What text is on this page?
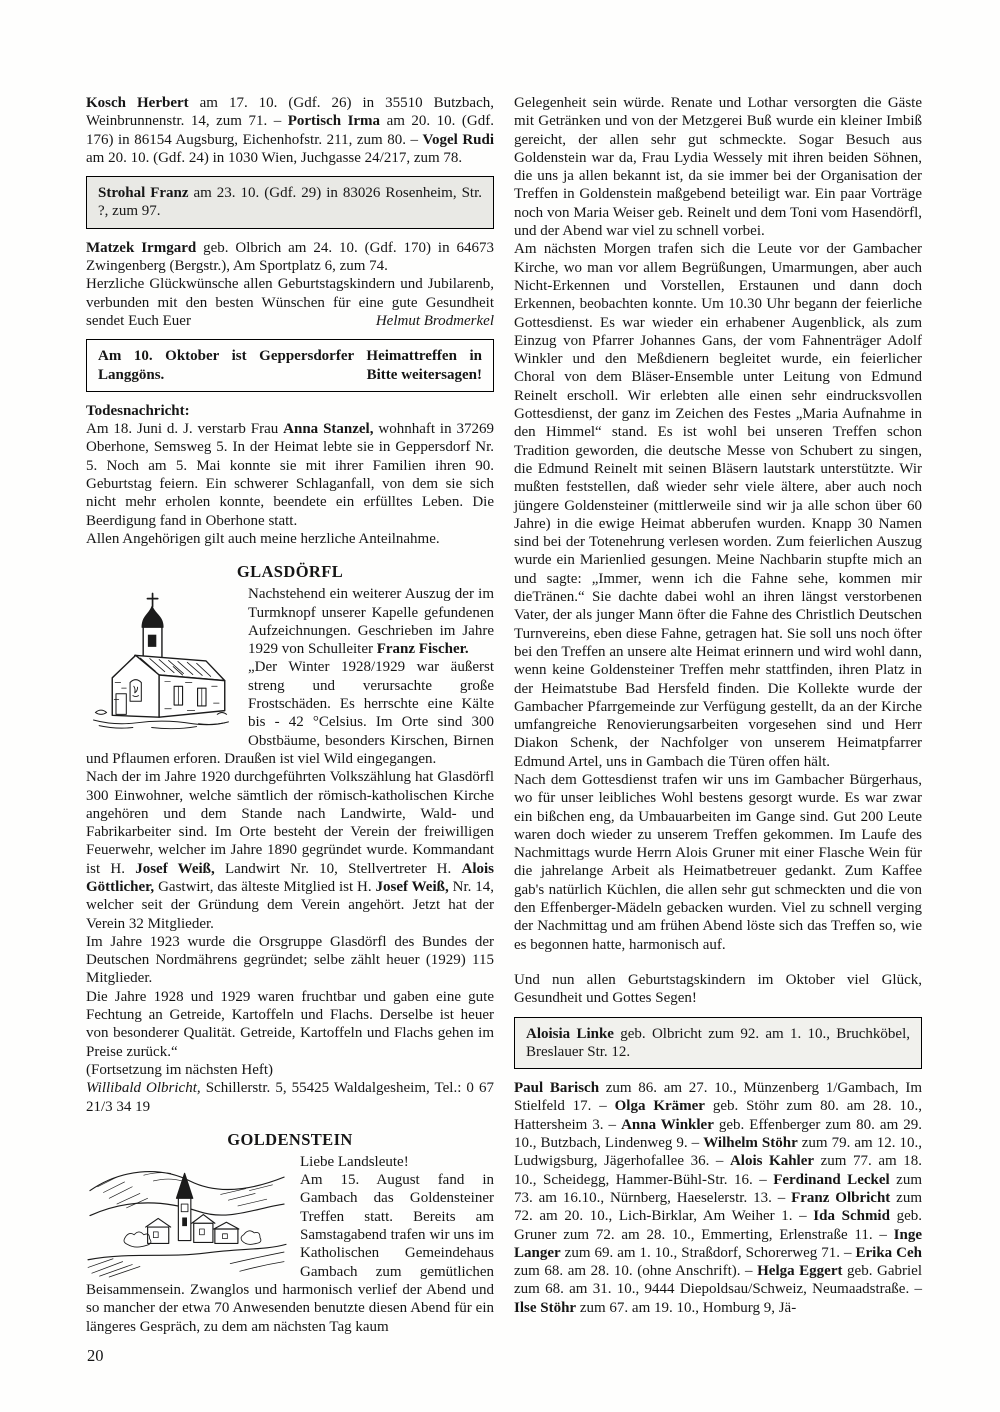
Kosch Herbert am 17. 10. (Gdf. 26) in 35510 Butzbach, Weinbrunnenstr. 14, zum 71. – Portisch Irma am 20. 10. (Gdf. 176) in 86154 Augsburg, Eichenhofstr. 211, zum 80. – Vogel Rudi am 20. 10. (Gdf. 24) in 1030 Wien, Juchgasse 24/217, zum 78.

Strohal Franz am 23. 10. (Gdf. 29) in 83026 Rosenheim, Str. ?, zum 97.

Matzek Irmgard geb. Olbrich am 24. 10. (Gdf. 170) in 64673 Zwingenberg (Bergstr.), Am Sportplatz 6, zum 74.

Herzliche Glückwünsche allen Geburtstagskindern und Jubilarenb, verbunden mit den besten Wünschen für eine gute Gesundheit sendet Euch Euer	Helmut Brodmerkel

Am 10. Oktober ist Geppersdorfer Heimattreffen in Langgöns.	Bitte weitersagen!

Todesnachricht:

Am 18. Juni d. J. verstarb Frau Anna Stanzel, wohnhaft in 37269 Oberhone, Semsweg 5. In der Heimat lebte sie in Geppersdorf Nr. 5. Noch am 5. Mai konnte sie mit ihrer Familien ihren 90. Geburtstag feiern. Ein schwerer Schlaganfall, von dem sie sich nicht mehr erholen konnte, beendete ein erfülltes Leben. Die Beerdigung fand in Oberhone statt.

Allen Angehörigen gilt auch meine herzliche Anteilnahme.

GLASDÖRFL

Nachstehend ein weiterer Auszug der im Turmknopf unserer Kapelle gefundenen Aufzeichnungen. Geschrieben im Jahre 1929 von Schulleiter Franz Fischer.

„Der Winter 1928/1929 war äußerst streng und verursachte große Frostschäden. Es herrschte eine Kälte bis - 42 °Celsius. Im Orte sind 300 Obstbäume, besonders Kirschen, Birnen und Pflaumen erforen. Draußen ist viel Wild eingegangen.

Nach der im Jahre 1920 durchgeführten Volkszählung hat Glasdörfl 300 Einwohner, welche sämtlich der römisch-katholischen Kirche angehören und dem Stande nach Landwirte, Wald- und Fabrikarbeiter sind. Im Orte besteht der Verein der freiwilligen Feuerwehr, welcher im Jahre 1890 gegründet wurde. Kommandant ist H. Josef Weiß, Landwirt Nr. 10, Stellvertreter H. Alois Göttlicher, Gastwirt, das älteste Mitglied ist H. Josef Weiß, Nr. 14, welcher seit der Gründung dem Verein angehört. Jetzt hat der Verein 32 Mitglieder.

Im Jahre 1923 wurde die Orsgruppe Glasdörfl des Bundes der Deutschen Nordmährens gegründet; selbe zählt heuer (1929) 115 Mitglieder.

Die Jahre 1928 und 1929 waren fruchtbar und gaben eine gute Fechtung an Getreide, Kartoffeln und Flachs. Derselbe ist heuer von besonderer Qualität. Getreide, Kartoffeln und Flachs gehen im Preise zurück.“

(Fortsetzung im nächsten Heft)

Willibald Olbricht, Schillerstr. 5, 55425 Waldalgesheim, Tel.: 0 67 21/3 34 19

GOLDENSTEIN

Liebe Landsleute!

Am 15. August fand in Gambach das Goldensteiner Treffen statt. Bereits am Samstagabend trafen wir uns im Katholischen Gemeindehaus Gambach zum gemütlichen Beisammensein. Zwanglos und harmonisch verlief der Abend und so mancher der etwa 70 Anwesenden benutzte diesen Abend für ein längeres Gespräch, zu dem am nächsten Tag kaum

Gelegenheit sein würde. Renate und Lothar versorgten die Gäste mit Getränken und von der Metzgerei Buß wurde ein kleiner Imbiß gereicht, der allen sehr gut schmeckte. Sogar Besuch aus Goldenstein war da, Frau Lydia Wessely mit ihren beiden Söhnen, die uns ja allen bekannt ist, da sie immer bei der Organisation der Treffen in Goldenstein maßgebend beteiligt war. Ein paar Vorträge noch von Maria Weiser geb. Reinelt und dem Toni vom Hasendörfl, und der Abend war viel zu schnell vorbei.

Am nächsten Morgen trafen sich die Leute vor der Gambacher Kirche, wo man vor allem Begrüßungen, Umarmungen, aber auch Nicht-Erkennen und Vorstellen, Erstaunen und dann doch Erkennen, beobachten konnte. Um 10.30 Uhr begann der feierliche Gottesdienst. Es war wieder ein erhabener Augenblick, als zum Einzug von Pfarrer Johannes Gans, der vom Fahnenträger Adolf Winkler und den Meßdienern begleitet wurde, ein feierlicher Choral von dem Bläser-Ensemble unter Leitung von Edmund Reinelt erscholl. Wir erlebten alle einen sehr eindrucksvollen Gottesdienst, der ganz im Zeichen des Festes „Maria Aufnahme in den Himmel“ stand. Es ist wohl bei unseren Treffen schon Tradition geworden, die deutsche Messe von Schubert zu singen, die Edmund Reinelt mit seinen Bläsern lautstark unterstützte. Wir mußten feststellen, daß wieder sehr viele ältere, aber auch noch jüngere Goldensteiner (mittlerweile sind wir ja alle schon über 60 Jahre) in die ewige Heimat abberufen wurden. Knapp 30 Namen sind bei der Totenehrung verlesen worden. Zum feierlichen Auszug wurde ein Marienlied gesungen. Meine Nachbarin stupfte mich an und sagte: „Immer, wenn ich die Fahne sehe, kommen mir dieTränen.“ Sie dachte dabei wohl an ihren längst verstorbenen Vater, der als junger Mann öfter die Fahne des Christlich Deutschen Turnvereins, eben diese Fahne, getragen hat. Sie soll uns noch öfter bei den Treffen an unsere alte Heimat erinnern und wird wohl dann, wenn keine Goldensteiner Treffen mehr stattfinden, ihren Platz in der Heimatstube Bad Hersfeld finden. Die Kollekte wurde der Gambacher Pfarrgemeinde zur Verfügung gestellt, da an der Kirche umfangreiche Renovierungsarbeiten vorgesehen sind und Herr Diakon Schenk, der Nachfolger von unserem Heimatpfarrer Edmund Artel, uns in Gambach die Türen offen hält.

Nach dem Gottesdienst trafen wir uns im Gambacher Bürgerhaus, wo für unser leibliches Wohl bestens gesorgt wurde. Es war zwar ein bißchen eng, da Umbauarbeiten im Gange sind. Gut 200 Leute waren doch wieder zu unserem Treffen gekommen. Im Laufe des Nachmittags wurde Herrn Alois Gruner mit einer Flasche Wein für die jahrelange Arbeit als Heimatbetreuer gedankt. Zum Kaffee gab's natürlich Küchlen, die allen sehr gut schmeckten und die von den Effenberger-Mädeln gebacken wurden. Viel zu schnell verging der Nachmittag und am frühen Abend löste sich das Treffen so, wie es begonnen hatte, harmonisch auf.

Und nun allen Geburtstagskindern im Oktober viel Glück, Gesundheit und Gottes Segen!

Aloisia Linke geb. Olbricht zum 92. am 1. 10., Bruchköbel, Breslauer Str. 12.

Paul Barisch zum 86. am 27. 10., Münzenberg 1/Gambach, Im Stielfeld 17. – Olga Krämer geb. Stöhr zum 80. am 28. 10., Hattersheim 3. – Anna Winkler geb. Effenberger zum 80. am 29. 10., Butzbach, Lindenweg 9. – Wilhelm Stöhr zum 79. am 12. 10., Ludwigsburg, Jägerhofallee 36. – Alois Kahler zum 77. am 18. 10., Scheidegg, Hammer-Bühl-Str. 16. – Ferdinand Leckel zum 73. am 16.10., Nürnberg, Haeselerstr. 13. – Franz Olbricht zum 72. am 20. 10., Lich-Birklar, Am Weiher 1. – Ida Schmid geb. Gruner zum 72. am 28. 10., Emmerting, Erlenstraße 11. – Inge Langer zum 69. am 1. 10., Straßdorf, Schorerweg 71. – Erika Ceh zum 68. am 28. 10. (ohne Anschrift). – Helga Eggert geb. Gabriel zum 68. am 31. 10., 9444 Diepoldsau/Schweiz, Neumaadstraße. – Ilse Stöhr zum 67. am 19. 10., Homburg 9, Jä-

20
